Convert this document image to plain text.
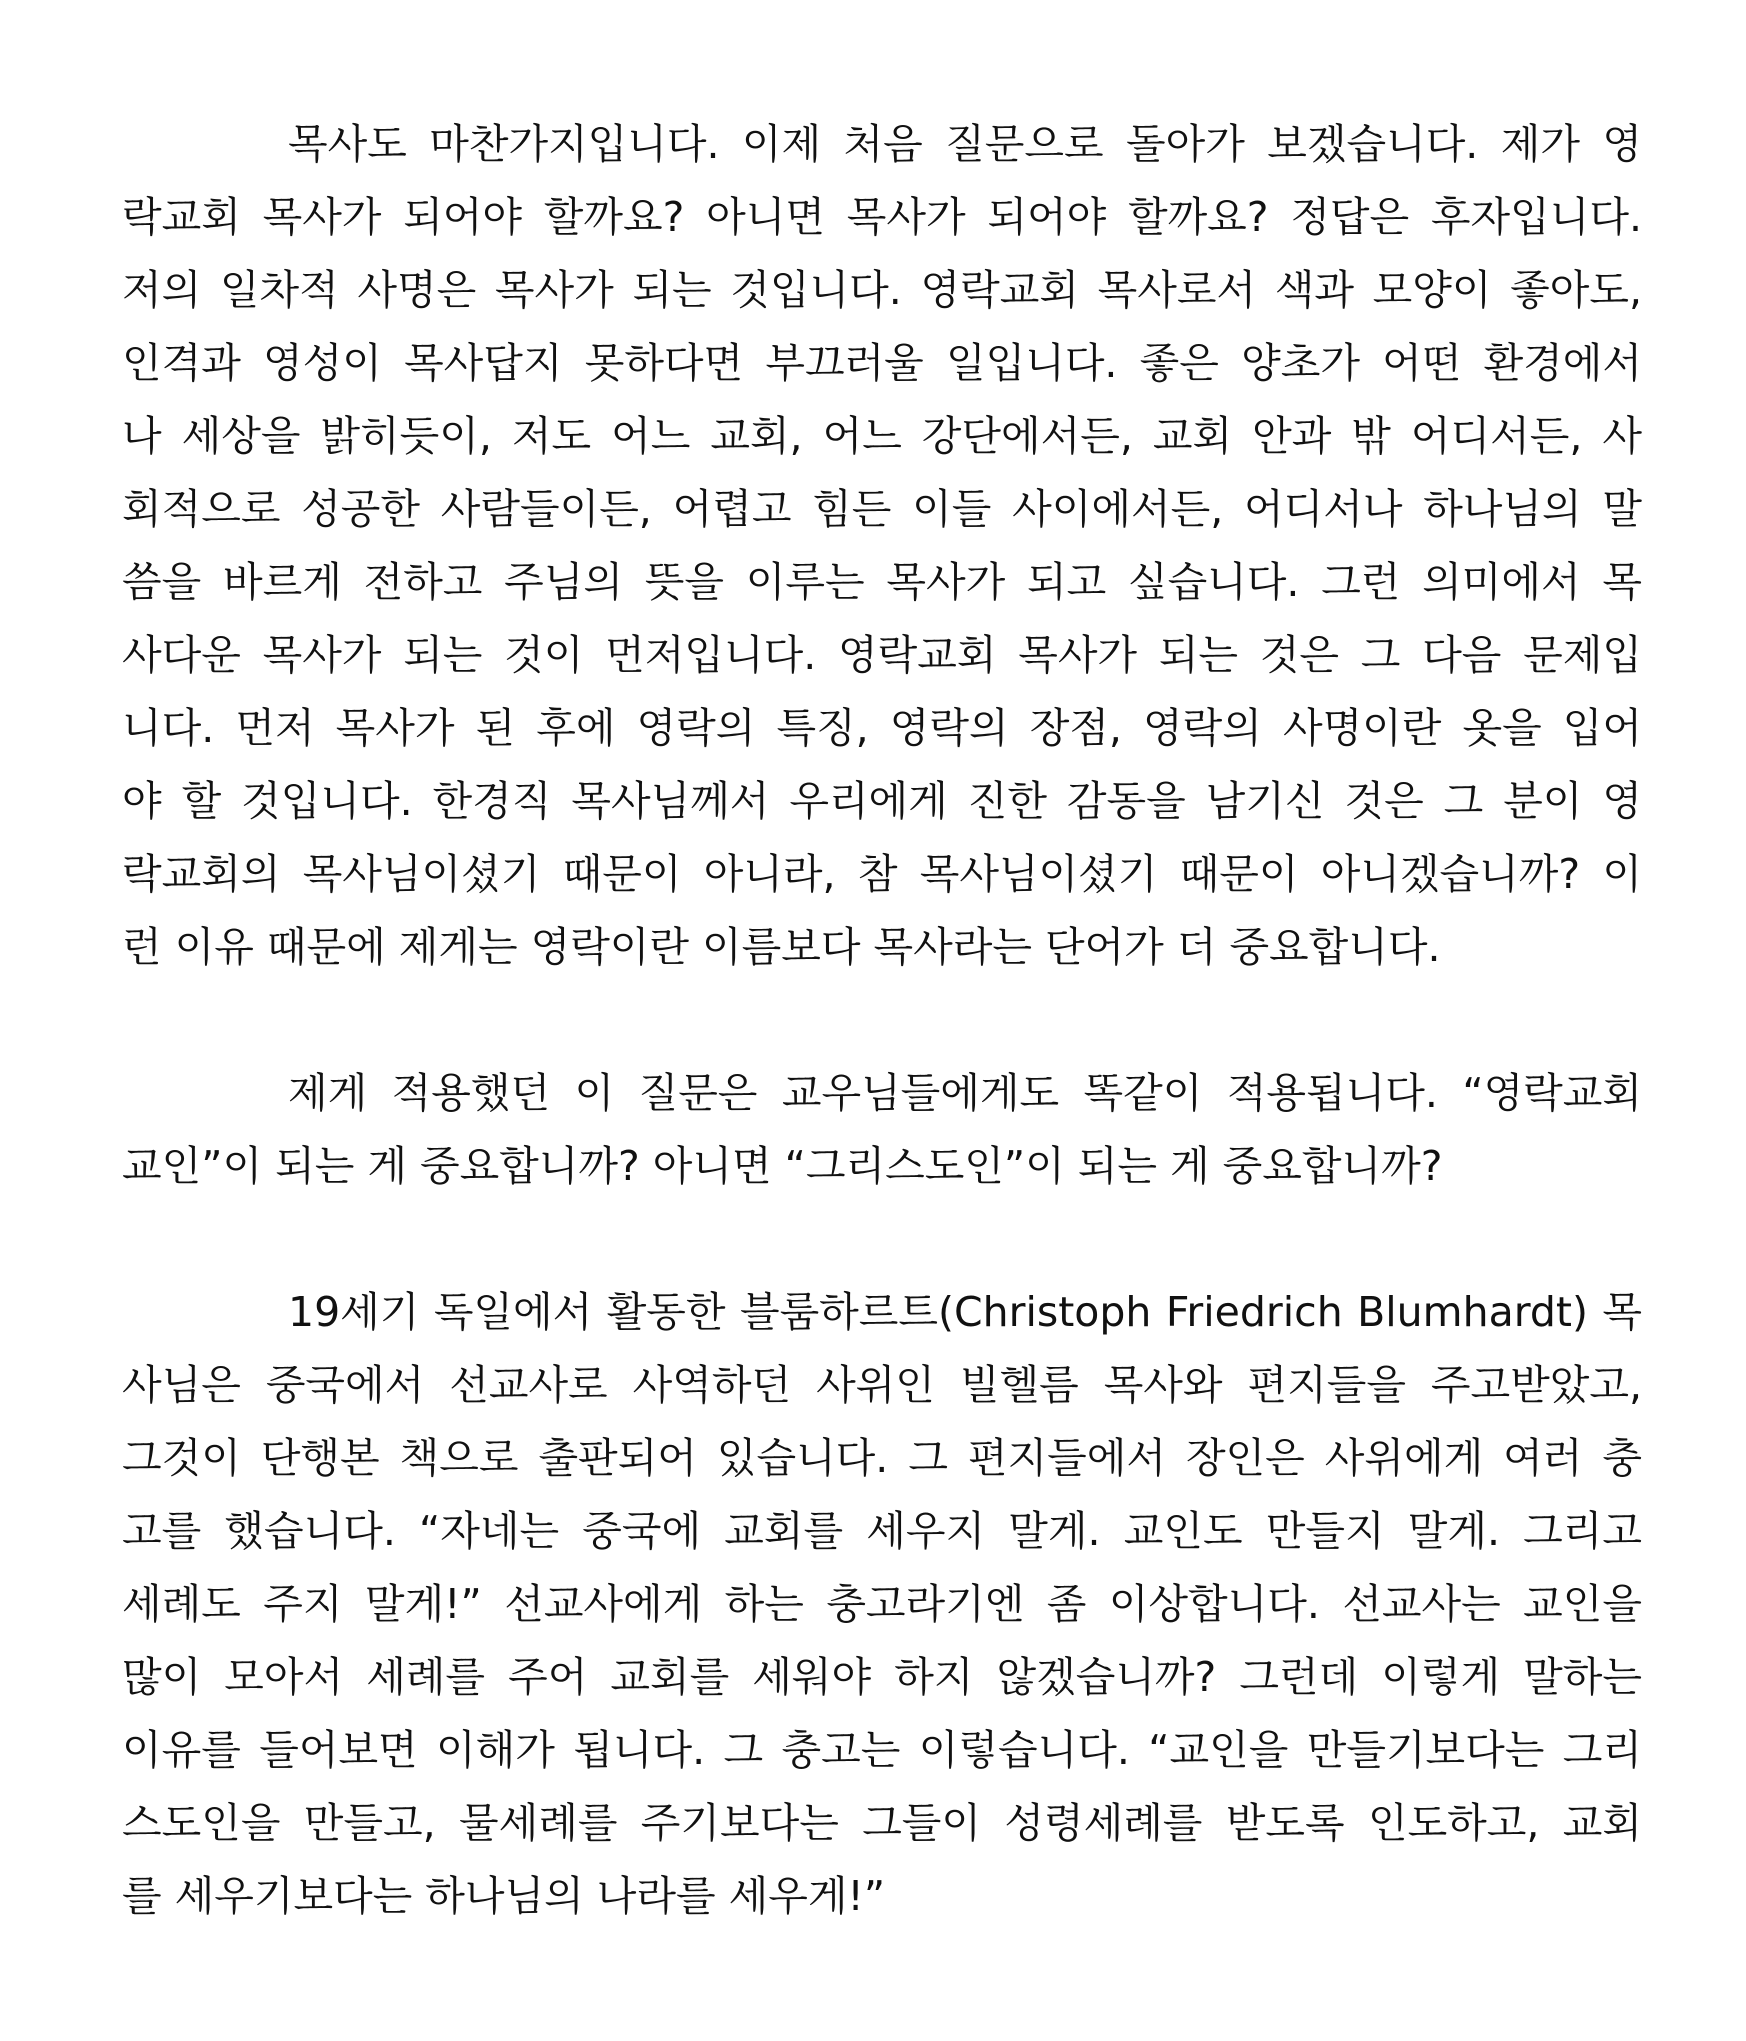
목사도 마찬가지입니다. 이제 처음 질문으로 돌아가 보겠습니다. 제가 영
락교회 목사가 되어야 할까요? 아니면 목사가 되어야 할까요? 정답은 후자입니다.
저의 일차적 사명은 목사가 되는 것입니다. 영락교회 목사로서 색과 모양이 좋아도,
인격과 영성이 목사답지 못하다면 부끄러울 일입니다. 좋은 양초가 어떤 환경에서
나 세상을 밝히듯이, 저도 어느 교회, 어느 강단에서든, 교회 안과 밖 어디서든, 사
회적으로 성공한 사람들이든, 어렵고 힘든 이들 사이에서든, 어디서나 하나님의 말
씀을 바르게 전하고 주님의 뜻을 이루는 목사가 되고 싶습니다. 그런 의미에서 목
사다운 목사가 되는 것이 먼저입니다. 영락교회 목사가 되는 것은 그 다음 문제입
니다. 먼저 목사가 된 후에 영락의 특징, 영락의 장점, 영락의 사명이란 옷을 입어
야 할 것입니다. 한경직 목사님께서 우리에게 진한 감동을 남기신 것은 그 분이 영
락교회의 목사님이셨기 때문이 아니라, 참 목사님이셨기 때문이 아니겠습니까? 이
런 이유 때문에 제게는 영락이란 이름보다 목사라는 단어가 더 중요합니다.
제게 적용했던 이 질문은 교우님들에게도 똑같이 적용됩니다. “영락교회
교인”이 되는 게 중요합니까? 아니면 “그리스도인”이 되는 게 중요합니까?
19세기 독일에서 활동한 블룸하르트(Christoph Friedrich Blumhardt) 목
사님은 중국에서 선교사로 사역하던 사위인 빌헬름 목사와 편지들을 주고받았고,
그것이 단행본 책으로 출판되어 있습니다. 그 편지들에서 장인은 사위에게 여러 충
고를 했습니다. “자네는 중국에 교회를 세우지 말게. 교인도 만들지 말게. 그리고
세례도 주지 말게!” 선교사에게 하는 충고라기엔 좀 이상합니다. 선교사는 교인을
많이 모아서 세례를 주어 교회를 세워야 하지 않겠습니까? 그런데 이렇게 말하는
이유를 들어보면 이해가 됩니다. 그 충고는 이렇습니다. “교인을 만들기보다는 그리
스도인을 만들고, 물세례를 주기보다는 그들이 성령세례를 받도록 인도하고, 교회
를 세우기보다는 하나님의 나라를 세우게!”
